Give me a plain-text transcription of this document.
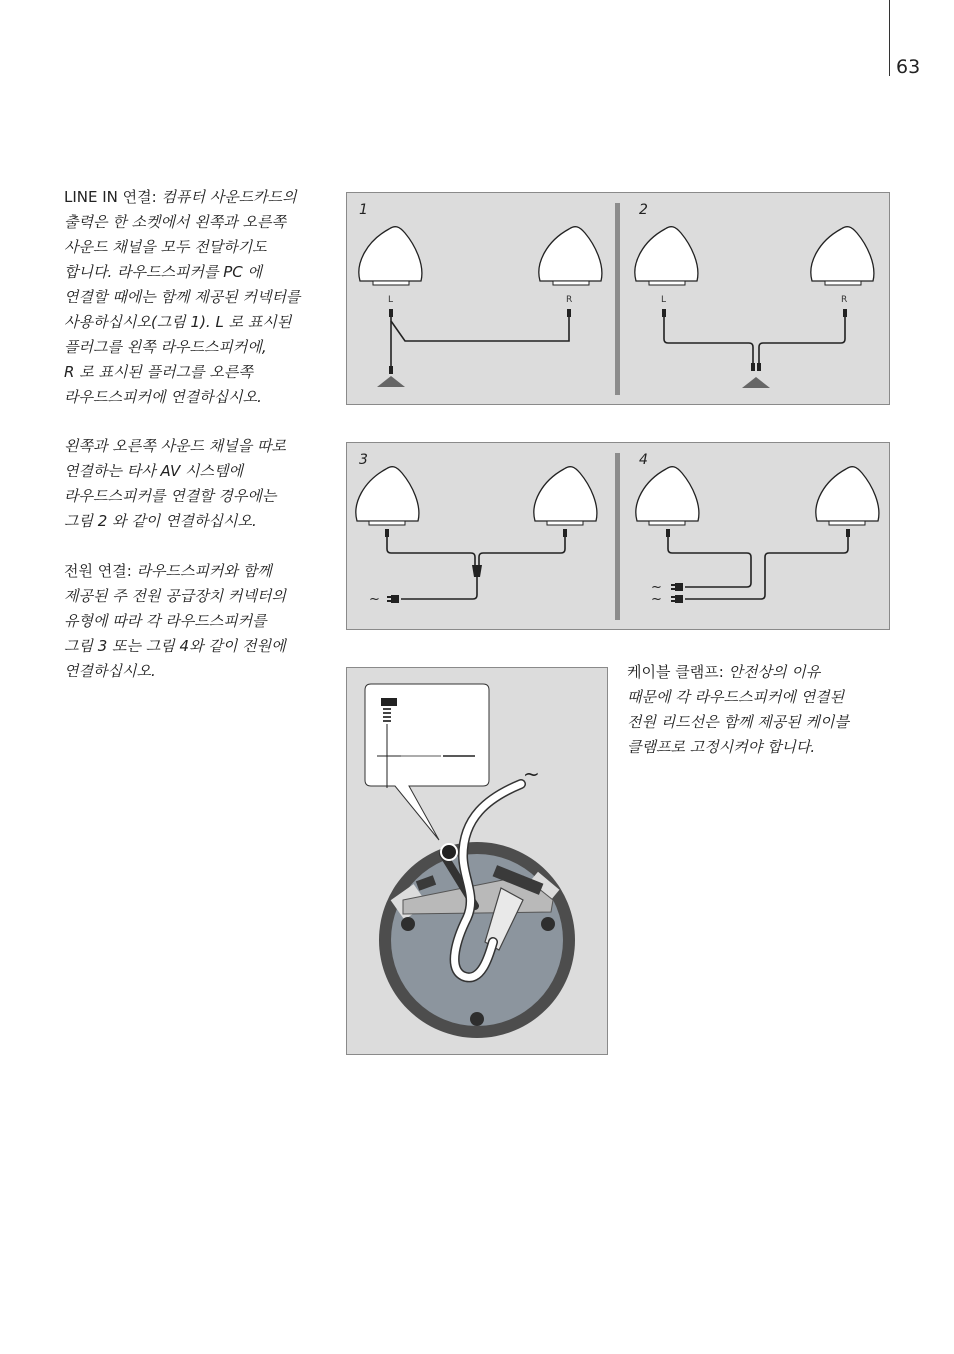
63
LINE IN 연결: 컴퓨터 사운드카드의
출력은 한 소켓에서 왼쪽과 오른쪽
사운드 채널을 모두 전달하기도
합니다. 라우드스피커를 PC 에
연결할 때에는 함께 제공된 커넥터를
사용하십시오(그림 1). L 로 표시된
플러그를 왼쪽 라우드스피커에,
R 로 표시된 플러그를 오른쪽
라우드스피커에 연결하십시오.
왼쪽과 오른쪽 사운드 채널을 따로
연결하는 타사 AV 시스템에
라우드스피커를 연결할 경우에는
그림 2 와 같이 연결하십시오.
전원 연결: 라우드스피커와 함께
제공된 주 전원 공급장치 커넥터의
유형에 따라 각 라우드스피커를
그림 3 또는 그림 4와 같이 전원에
연결하십시오.	케이블 클램프: 안전상의 이유
때문에 각 라우드스피커에 연결된
전원 리드선은 함께 제공된 케이블
클램프로 고정시켜야 합니다.
1	2
L	R	L	R
3	4
~
~
~
~
